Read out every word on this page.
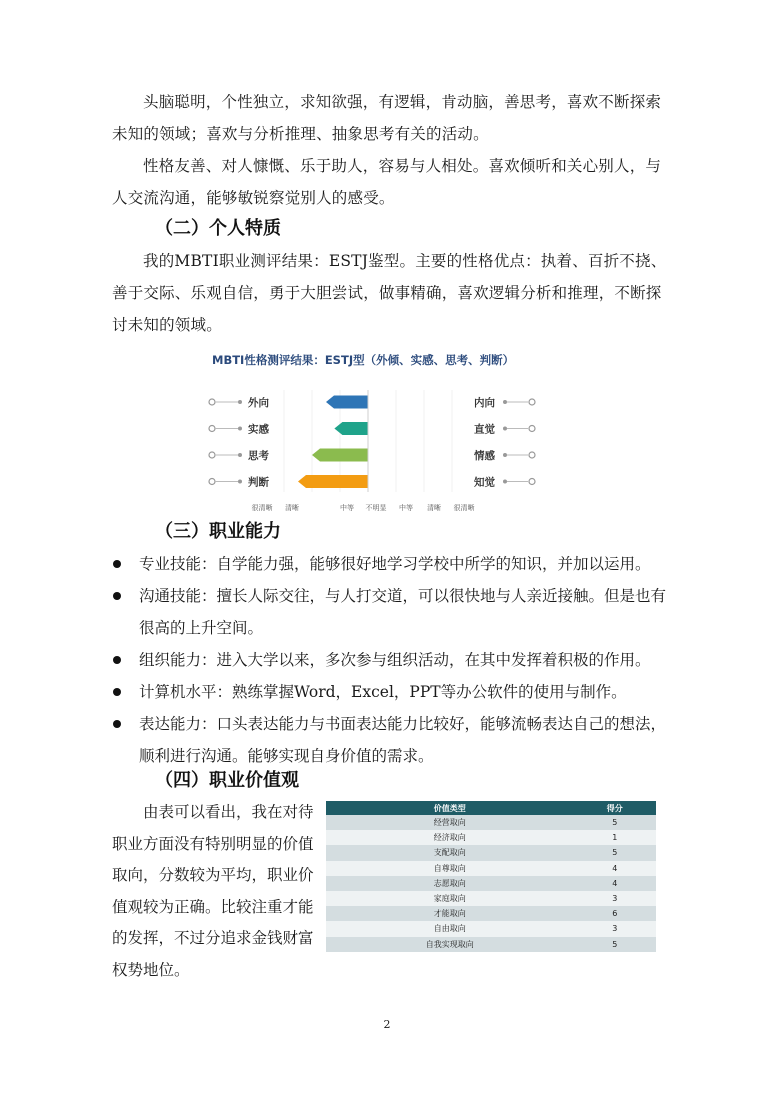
头脑聪明，个性独立，求知欲强，有逻辑，肯动脑，善思考，喜欢不断探索未知的领域；喜欢与分析推理、抽象思考有关的活动。

性格友善、对人慷慨、乐于助人，容易与人相处。喜欢倾听和关心别人，与人交流沟通，能够敏锐察觉别人的感受。

（二）个人特质

我的MBTI职业测评结果：ESTJ鉴型。主要的性格优点：执着、百折不挠、善于交际、乐观自信，勇于大胆尝试，做事精确，喜欢逻辑分析和推理，不断探讨未知的领域。

MBTI性格测评结果：ESTJ型（外倾、实感、思考、判断）
外向	内向
实感	直觉
思考	情感
判断	知觉
很清晰 清晰	中等 不明显 中等 清晰 很清晰
（三）职业能力
专业技能：自学能力强，能够很好地学习学校中所学的知识，并加以运用。
沟通技能：擅长人际交往，与人打交道，可以很快地与人亲近接触。但是也有很高的上升空间。
组织能力：进入大学以来，多次参与组织活动，在其中发挥着积极的作用。
计算机水平：熟练掌握Word，Excel，PPT等办公软件的使用与制作。
表达能力：口头表达能力与书面表达能力比较好，能够流畅表达自己的想法，顺利进行沟通。能够实现自身价值的需求。
（四）职业价值观

由表可以看出，我在对待职业方面没有特别明显的价值取向，分数较为平均，职业价值观较为正确。比较注重才能的发挥，不过分追求金钱财富权势地位。

价值类型	得分
经营取向	5
经济取向	1
支配取向	5
自尊取向	4
志愿取向	4
家庭取向	3
才能取向	6
自由取向	3
自我实现取向	5
2
